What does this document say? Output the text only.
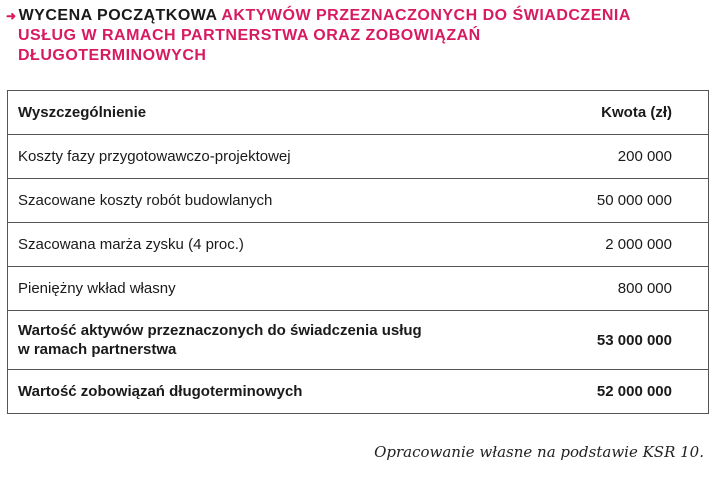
➜ WYCENA POCZĄTKOWA AKTYWÓW PRZEZNACZONYCH DO ŚWIADCZENIA
USŁUG W RAMACH PARTNERSTWA ORAZ ZOBOWIĄZAŃ
DŁUGOTERMINOWYCH
Wyszczególnienie	Kwota (zł)
Koszty fazy przygotowawczo-projektowej	200 000
Szacowane koszty robót budowlanych	50 000 000
Szacowana marża zysku (4 proc.)	2 000 000
Pieniężny wkład własny	800 000
Wartość aktywów przeznaczonych do świadczenia usług
w ramach partnerstwa
53 000 000
Wartość zobowiązań długoterminowych	52 000 000
Opracowanie własne na podstawie KSR 10.
